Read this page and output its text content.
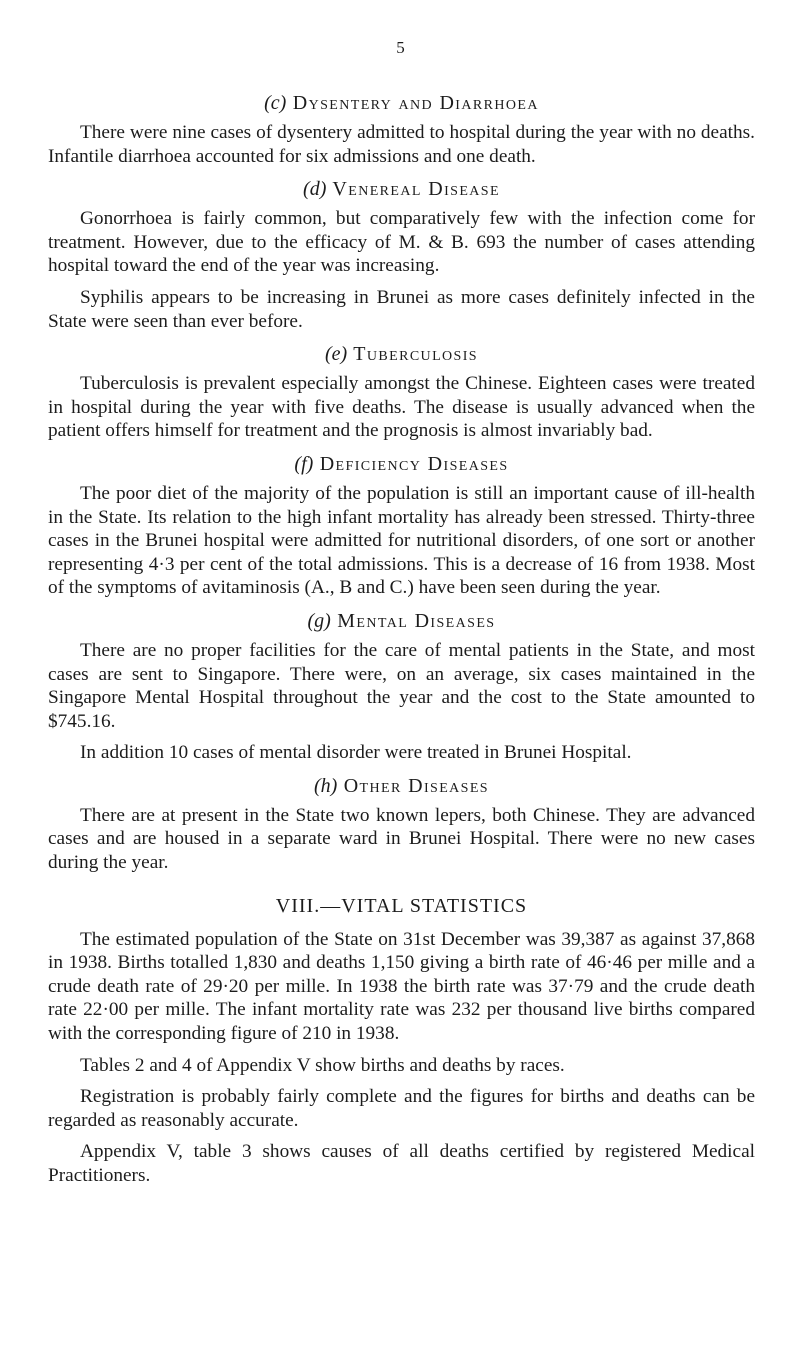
5
(c) Dysentery and Diarrhoea

There were nine cases of dysentery admitted to hospital during the year with no deaths. Infantile diarrhoea accounted for six admissions and one death.

(d) Venereal Disease

Gonorrhoea is fairly common, but comparatively few with the infection come for treatment. However, due to the efficacy of M. & B. 693 the number of cases attending hospital toward the end of the year was increasing.

Syphilis appears to be increasing in Brunei as more cases definitely infected in the State were seen than ever before.

(e) Tuberculosis

Tuberculosis is prevalent especially amongst the Chinese. Eighteen cases were treated in hospital during the year with five deaths. The disease is usually advanced when the patient offers himself for treatment and the prognosis is almost invariably bad.

(f) Deficiency Diseases

The poor diet of the majority of the population is still an important cause of ill-health in the State. Its relation to the high infant mortality has already been stressed. Thirty-three cases in the Brunei hospital were admitted for nutritional disorders, of one sort or another representing 4·3 per cent of the total admissions. This is a decrease of 16 from 1938. Most of the symptoms of avitaminosis (A., B and C.) have been seen during the year.

(g) Mental Diseases

There are no proper facilities for the care of mental patients in the State, and most cases are sent to Singapore. There were, on an average, six cases maintained in the Singapore Mental Hospital throughout the year and the cost to the State amounted to $745.16.

In addition 10 cases of mental disorder were treated in Brunei Hospital.

(h) Other Diseases

There are at present in the State two known lepers, both Chinese. They are advanced cases and are housed in a separate ward in Brunei Hospital. There were no new cases during the year.

VIII.—VITAL STATISTICS

The estimated population of the State on 31st December was 39,387 as against 37,868 in 1938. Births totalled 1,830 and deaths 1,150 giving a birth rate of 46·46 per mille and a crude death rate of 29·20 per mille. In 1938 the birth rate was 37·79 and the crude death rate 22·00 per mille. The infant mortality rate was 232 per thousand live births compared with the corresponding figure of 210 in 1938.

Tables 2 and 4 of Appendix V show births and deaths by races.

Registration is probably fairly complete and the figures for births and deaths can be regarded as reasonably accurate.

Appendix V, table 3 shows causes of all deaths certified by registered Medical Practitioners.
